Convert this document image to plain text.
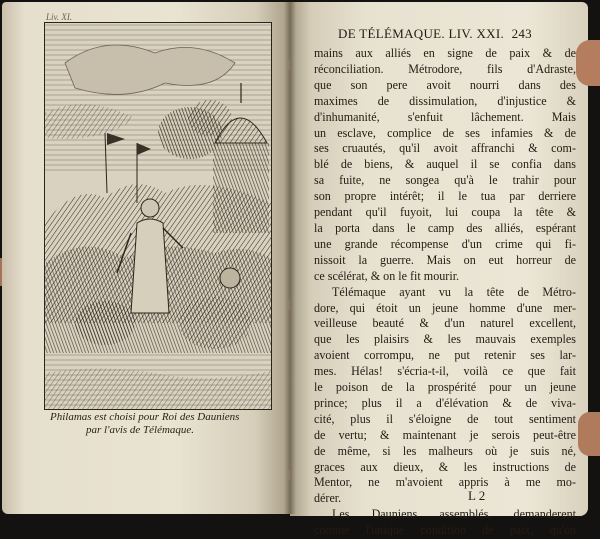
Liv. XI.
Philamas est choisi pour Roi des Dauniens
par l'avis de Télémaque.
DE TÉLÉMAQUE. LIV. XXI. 243
mains aux alliés en signe de paix & de
réconciliation. Métrodore, fils d'Adraste,
que son pere avoit nourri dans des
maximes de dissimulation, d'injustice &
d'inhumanité, s'enfuit lâchement. Mais
un esclave, complice de ses infamies & de
ses cruautés, qu'il avoit affranchi & com-
blé de biens, & auquel il se confia dans
sa fuite, ne songea qu'à le trahir pour
son propre intérêt; il le tua par derriere
pendant qu'il fuyoit, lui coupa la tête &
la porta dans le camp des alliés, espérant
une grande récompense d'un crime qui fi-
nissoit la guerre. Mais on eut horreur de
ce scélérat, & on le fit mourir.
Télémaque ayant vu la tête de Métro-
dore, qui étoit un jeune homme d'une mer-
veilleuse beauté & d'un naturel excellent,
que les plaisirs & les mauvais exemples
avoient corrompu, ne put retenir ses lar-
mes. Hélas! s'écria-t-il, voilà ce que fait
le poison de la prospérité pour un jeune
prince; plus il a d'élévation & de viva-
cité, plus il s'éloigne de tout sentiment
de vertu; & maintenant je serois peut-être
de même, si les malheurs où je suis né,
graces aux dieux, & les instructions de
Mentor, ne m'avoient appris à me mo-
dérer.
Les Dauniens assemblés, demanderent
comme l'unique condition de paix, qu'on
L 2
